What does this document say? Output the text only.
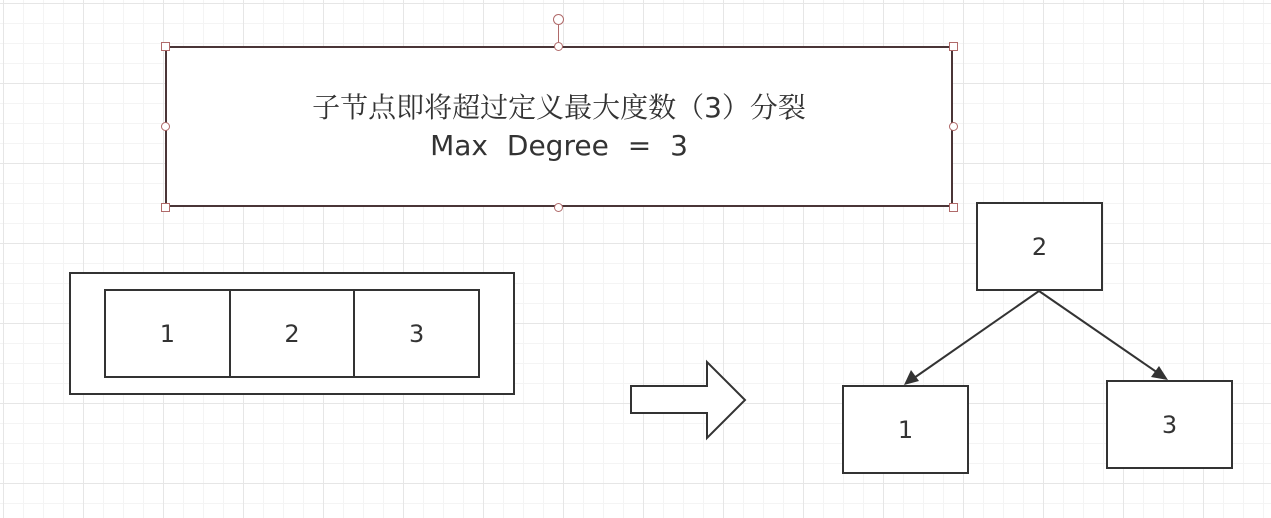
子节点即将超过定义最大度数（3）分裂
Max Degree = 3
1	2	3
2
1	3
